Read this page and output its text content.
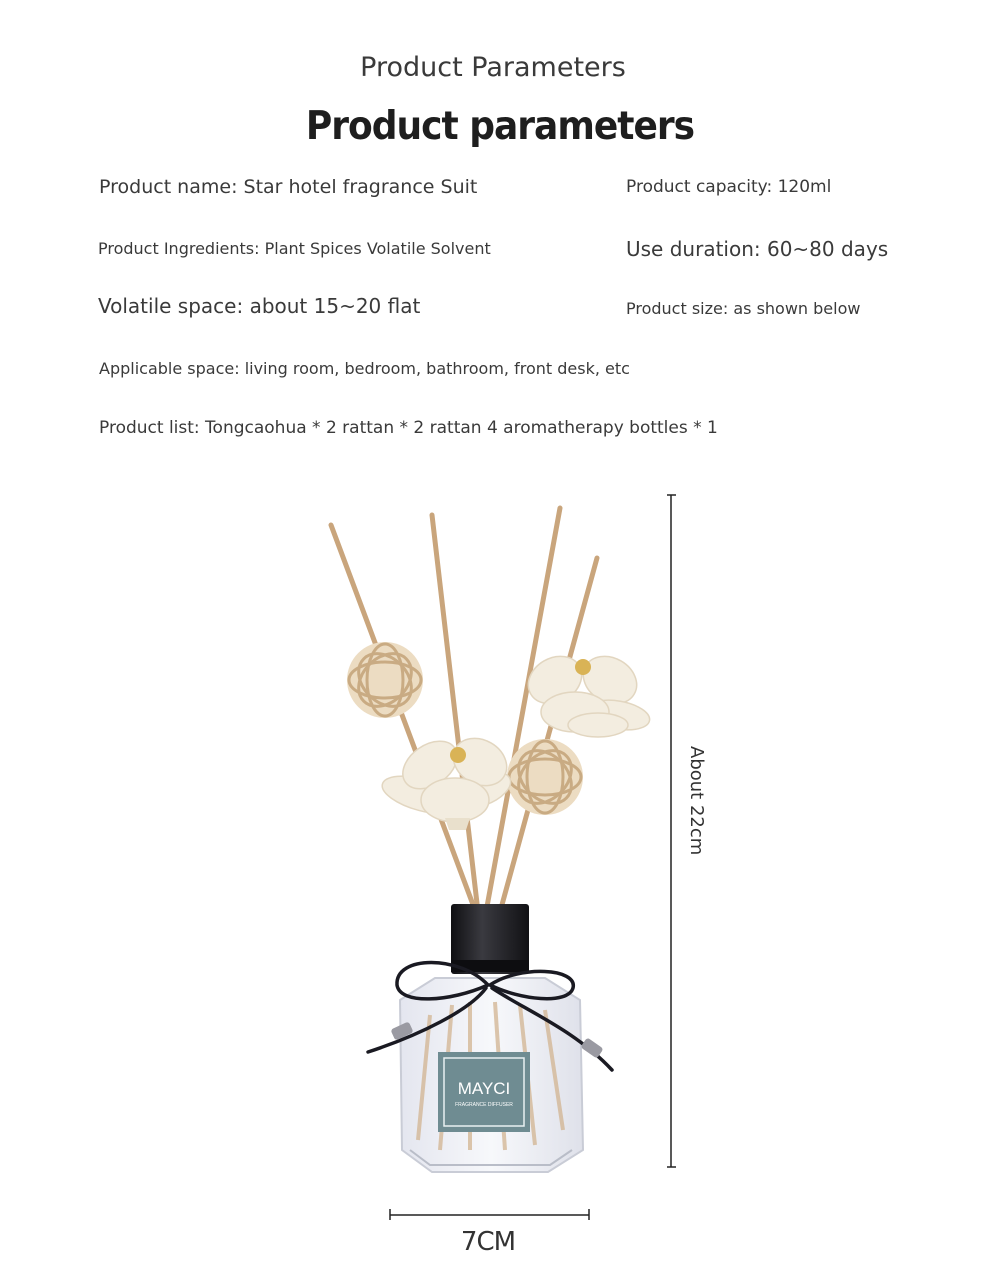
Product Parameters
Product parameters
Product name: Star hotel fragrance Suit	Product capacity: 120ml
Product Ingredients: Plant Spices Volatile Solvent	Use duration: 60~80 days
Volatile space: about 15~20 flat	Product size: as shown below
Applicable space: living room, bedroom, bathroom, front desk, etc
Product list: Tongcaohua * 2 rattan * 2 rattan 4 aromatherapy bottles * 1
MAYCI
FRAGRANCE DIFFUSER
About 22cm
7CM
